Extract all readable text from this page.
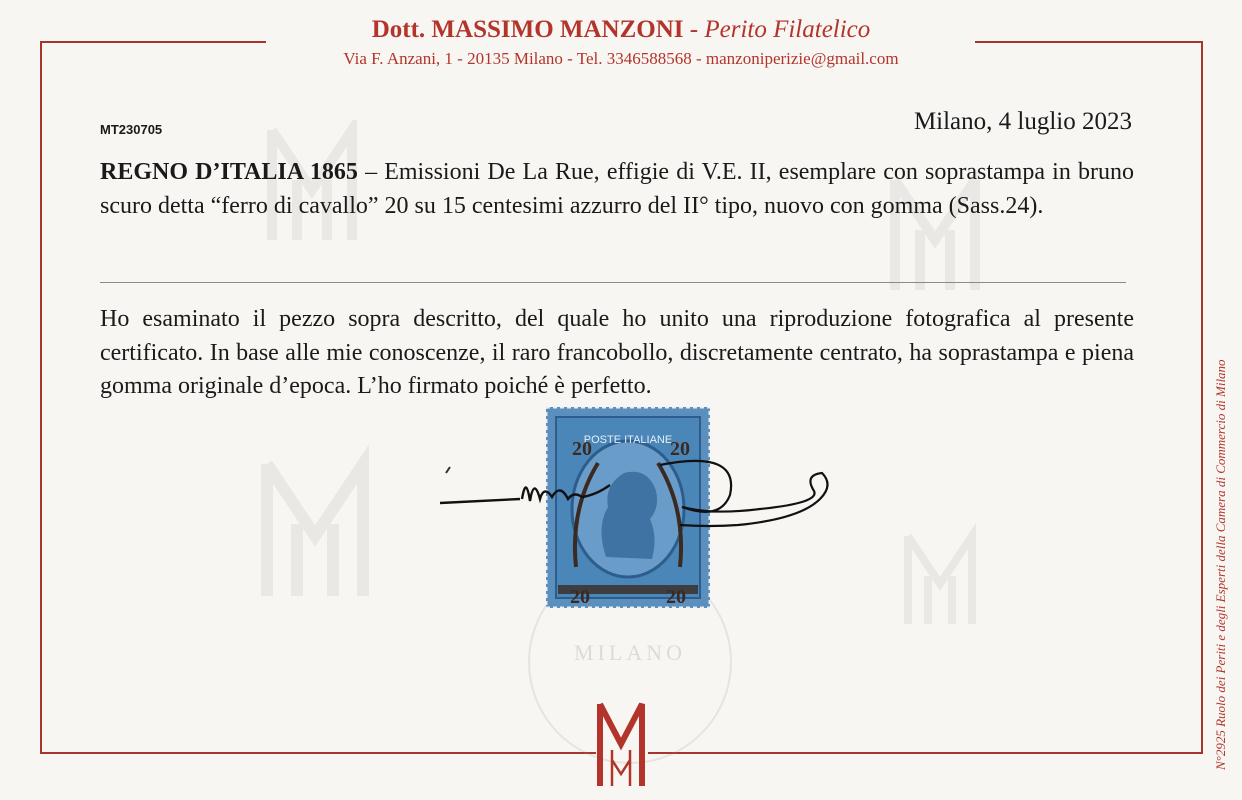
Dott. MASSIMO MANZONI - Perito Filatelico
Via F. Anzani, 1 - 20135 Milano - Tel. 3346588568 - manzoniperizie@gmail.com
MILANO
MT230705	Milano, 4 luglio 2023
REGNO D’ITALIA 1865 – Emissioni De La Rue, effigie di V.E. II, esemplare con soprastampa in bruno scuro detta “ferro di cavallo” 20 su 15 centesimi azzurro del II° tipo, nuovo con gomma (Sass.24).
Ho esaminato il pezzo sopra descritto, del quale ho unito una riproduzione fotografica al presente certificato. In base alle mie conoscenze, il raro francobollo, discretamente centrato, ha soprastampa e piena gomma originale d’epoca. L’ho firmato poiché è perfetto.
POSTE ITALIANE
20	20
20	20	N°2925 Ruolo dei Periti e degli Esperti della Camera di Commercio di Milano
